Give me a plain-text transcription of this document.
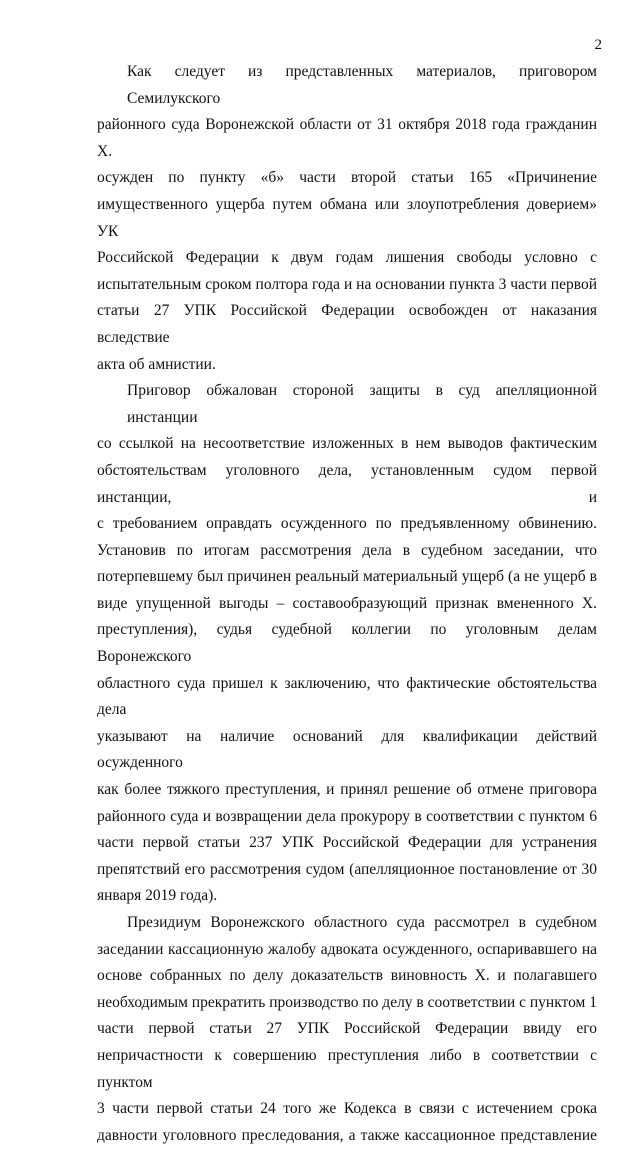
2

Как следует из представленных материалов, приговором Семилукского

районного суда Воронежской области от 31 октября 2018 года гражданин Х.

осужден по пункту «б» части второй статьи 165 «Причинение

имущественного ущерба путем обмана или злоупотребления доверием» УК

Российской Федерации к двум годам лишения свободы условно с

испытательным сроком полтора года и на основании пункта 3 части первой

статьи 27 УПК Российской Федерации освобожден от наказания вследствие

акта об амнистии.

Приговор обжалован стороной защиты в суд апелляционной инстанции

со ссылкой на несоответствие изложенных в нем выводов фактическим

обстоятельствам уголовного дела, установленным судом первой инстанции, и

с требованием оправдать осужденного по предъявленному обвинению.

Установив по итогам рассмотрения дела в судебном заседании, что

потерпевшему был причинен реальный материальный ущерб (а не ущерб в

виде упущенной выгоды – составообразующий признак вмененного Х.

преступления), судья судебной коллегии по уголовным делам Воронежского

областного суда пришел к заключению, что фактические обстоятельства дела

указывают на наличие оснований для квалификации действий осужденного

как более тяжкого преступления, и принял решение об отмене приговора

районного суда и возвращении дела прокурору в соответствии с пунктом 6

части первой статьи 237 УПК Российской Федерации для устранения

препятствий его рассмотрения судом (апелляционное постановление от 30

января 2019 года).

Президиум Воронежского областного суда рассмотрел в судебном

заседании кассационную жалобу адвоката осужденного, оспаривавшего на

основе собранных по делу доказательств виновность Х. и полагавшего

необходимым прекратить производство по делу в соответствии с пунктом 1

части первой статьи 27 УПК Российской Федерации ввиду его

непричастности к совершению преступления либо в соответствии с пунктом

3 части первой статьи 24 того же Кодекса в связи с истечением срока

давности уголовного преследования, а также кассационное представление
